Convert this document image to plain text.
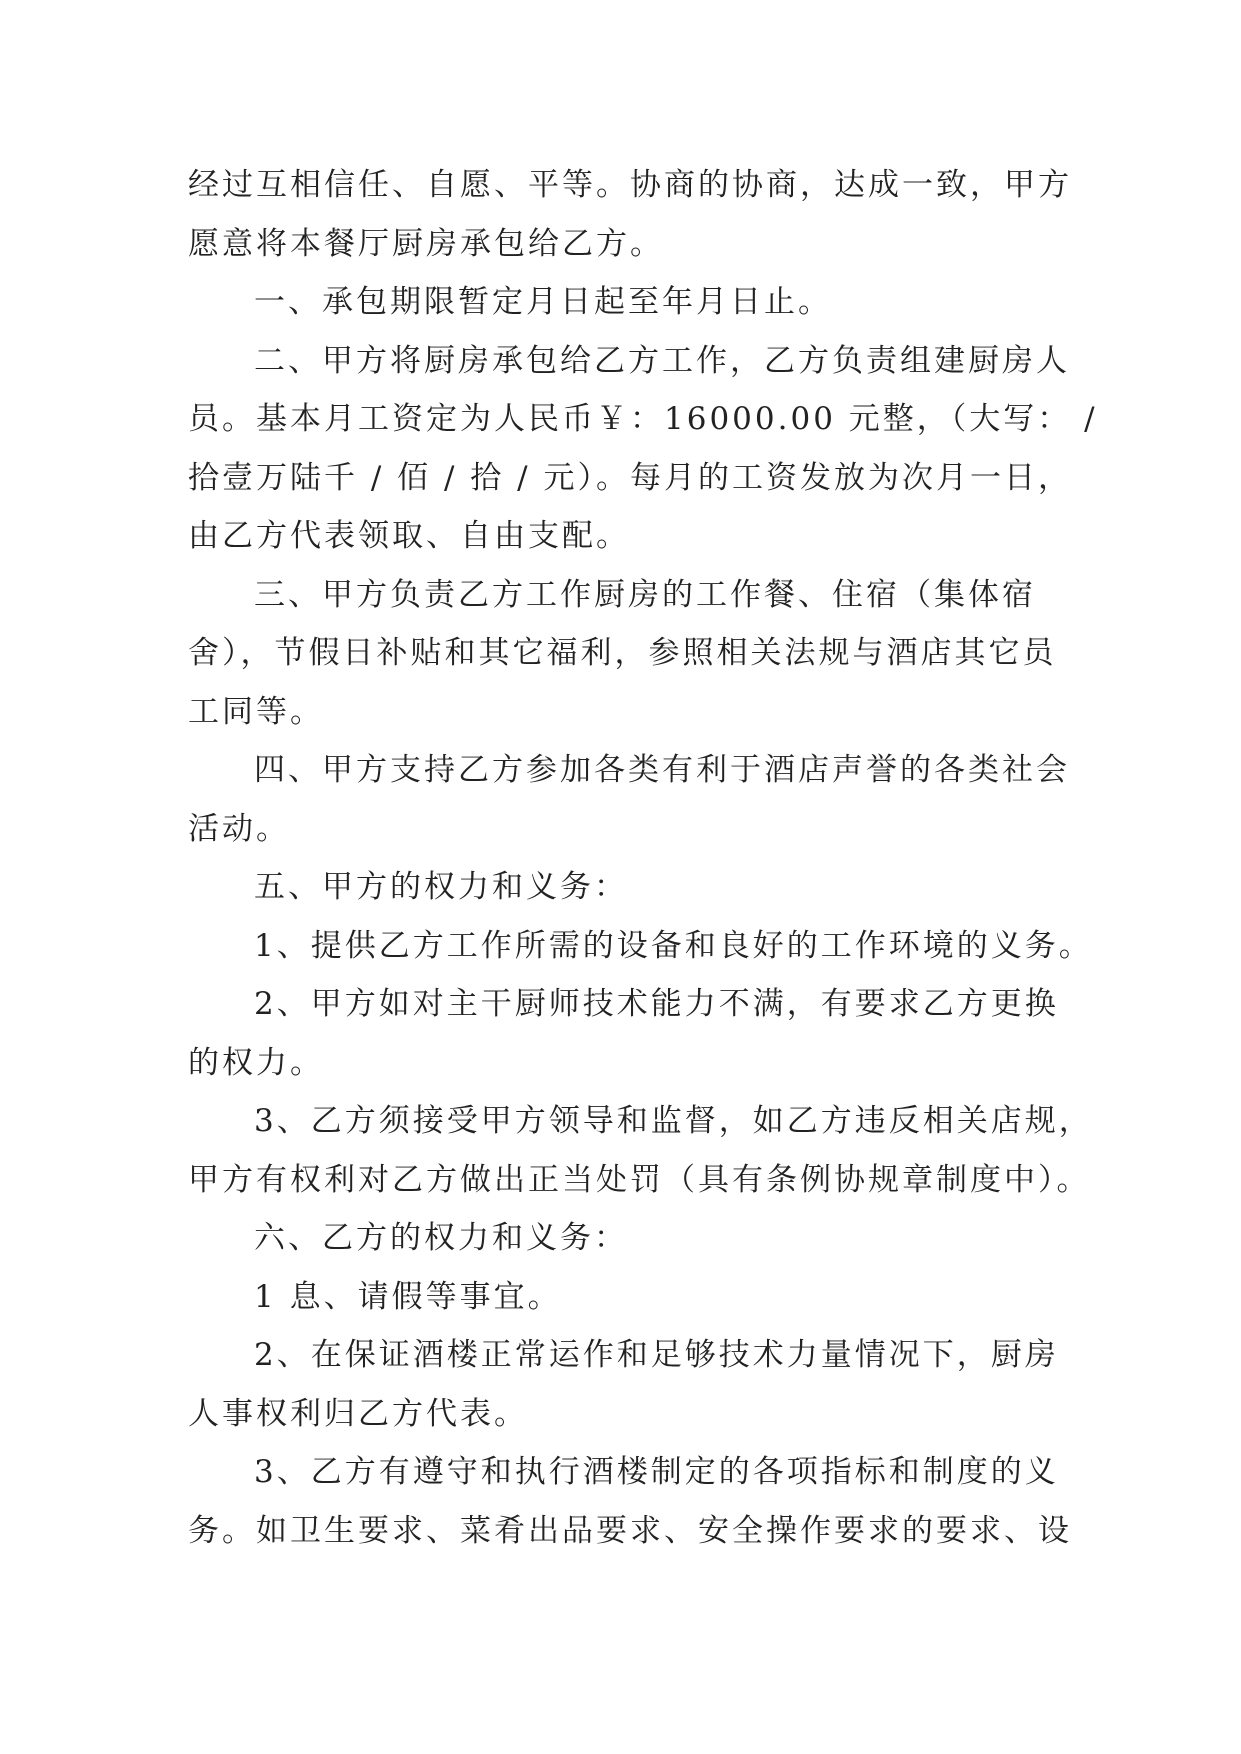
经过互相信任、自愿、平等。协商的协商，达成一致，甲方
愿意将本餐厅厨房承包给乙方。
一、承包期限暂定月日起至年月日止。
二、甲方将厨房承包给乙方工作，乙方负责组建厨房人
员。基本月工资定为人民币￥：16000.00 元整，（大写： /
拾壹万陆千 / 佰 / 拾 / 元）。每月的工资发放为次月一日，
由乙方代表领取、自由支配。
三、甲方负责乙方工作厨房的工作餐、住宿（集体宿
舍），节假日补贴和其它福利，参照相关法规与酒店其它员
工同等。
四、甲方支持乙方参加各类有利于酒店声誉的各类社会
活动。
五、甲方的权力和义务：
1、提供乙方工作所需的设备和良好的工作环境的义务。
2、甲方如对主干厨师技术能力不满，有要求乙方更换
的权力。
3、乙方须接受甲方领导和监督，如乙方违反相关店规，
甲方有权利对乙方做出正当处罚（具有条例协规章制度中）。
六、乙方的权力和义务：
1 息、请假等事宜。
2、在保证酒楼正常运作和足够技术力量情况下，厨房
人事权利归乙方代表。
3、乙方有遵守和执行酒楼制定的各项指标和制度的义
务。如卫生要求、菜肴出品要求、安全操作要求的要求、设
